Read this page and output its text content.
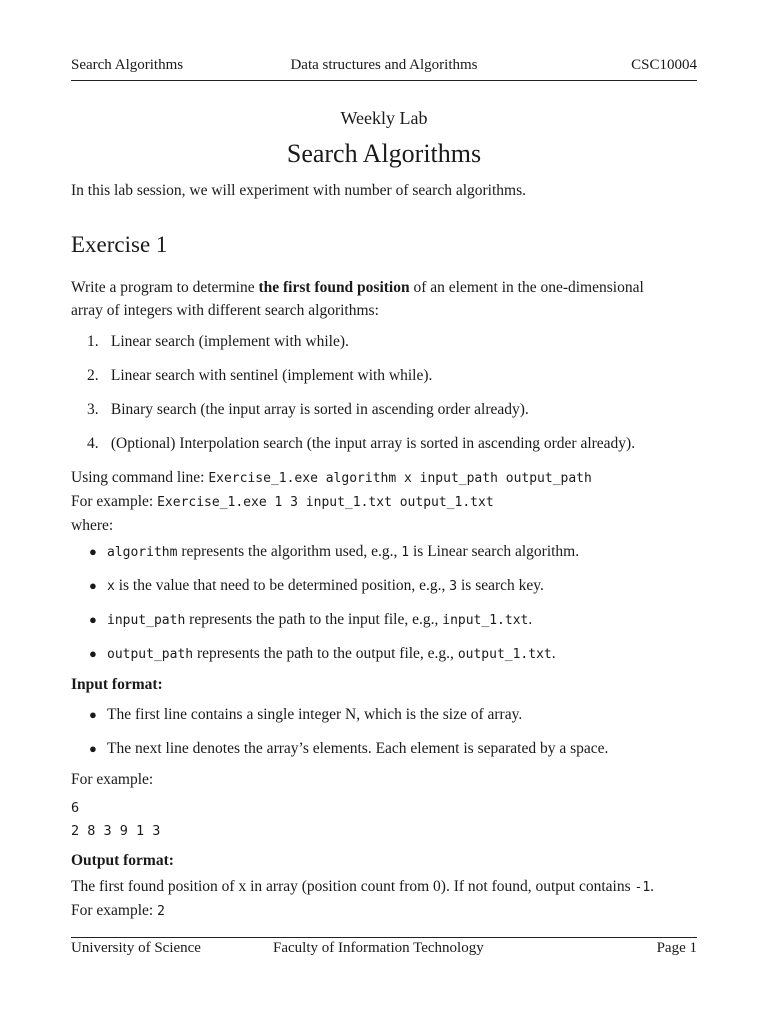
Search Algorithms	Data structures and Algorithms	CSC10004
Weekly Lab
Search Algorithms
In this lab session, we will experiment with number of search algorithms.
Exercise 1
Write a program to determine the first found position of an element in the one-dimensional
array of integers with different search algorithms:
1. Linear search (implement with while).
2. Linear search with sentinel (implement with while).
3. Binary search (the input array is sorted in ascending order already).
4. (Optional) Interpolation search (the input array is sorted in ascending order already).
Using command line: Exercise_1.exe algorithm x input_path output_path
For example: Exercise_1.exe 1 3 input_1.txt output_1.txt
where:
● algorithm represents the algorithm used, e.g., 1 is Linear search algorithm.
● x is the value that need to be determined position, e.g., 3 is search key.
● input_path represents the path to the input file, e.g., input_1.txt.
● output_path represents the path to the output file, e.g., output_1.txt.
Input format:
● The first line contains a single integer N, which is the size of array.
● The next line denotes the array’s elements. Each element is separated by a space.
For example:
6
2 8 3 9 1 3
Output format:
The first found position of x in array (position count from 0). If not found, output contains -1.
For example: 2
University of Science	Faculty of Information Technology	Page 1
